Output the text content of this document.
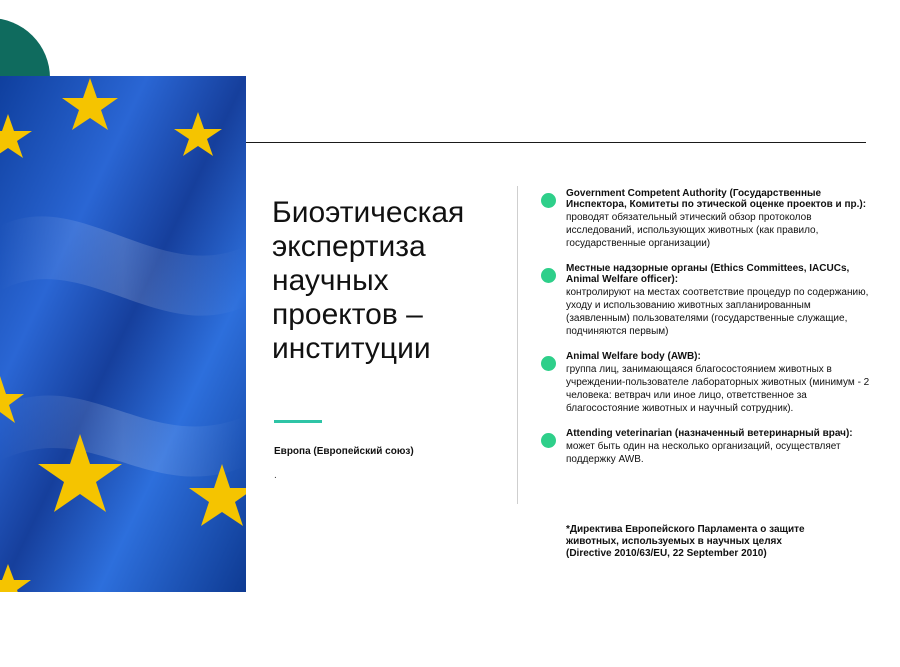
Биоэтическая
экспертиза
научных
проектов –
институции
Европа (Европейский союз)
.
Government Competent Authority (Государственные Инспектора, Комитеты по этической оценке проектов и пр.):
проводят обязательный этический обзор протоколов исследований, использующих животных (как правило, государственные организации)
Местные надзорные органы (Ethics Committees, IACUCs, Animal Welfare officer):
контролируют на местах соответствие процедур по содержанию, уходу и использованию животных запланированным (заявленным) пользователями (государственные служащие, подчиняются первым)
Animal Welfare body (AWB):
группа лиц, занимающаяся благосостоянием животных в учреждении-пользователе лабораторных животных (минимум - 2 человека: ветврач или иное лицо, ответственное за благосостояние животных и научный сотрудник).
Attending veterinarian (назначенный ветеринарный врач):
может быть один на несколько организаций, осуществляет поддержку AWB.
*Директива Европейского Парламента о защите
животных, используемых в научных целях
(Directive 2010/63/EU, 22 September 2010)
